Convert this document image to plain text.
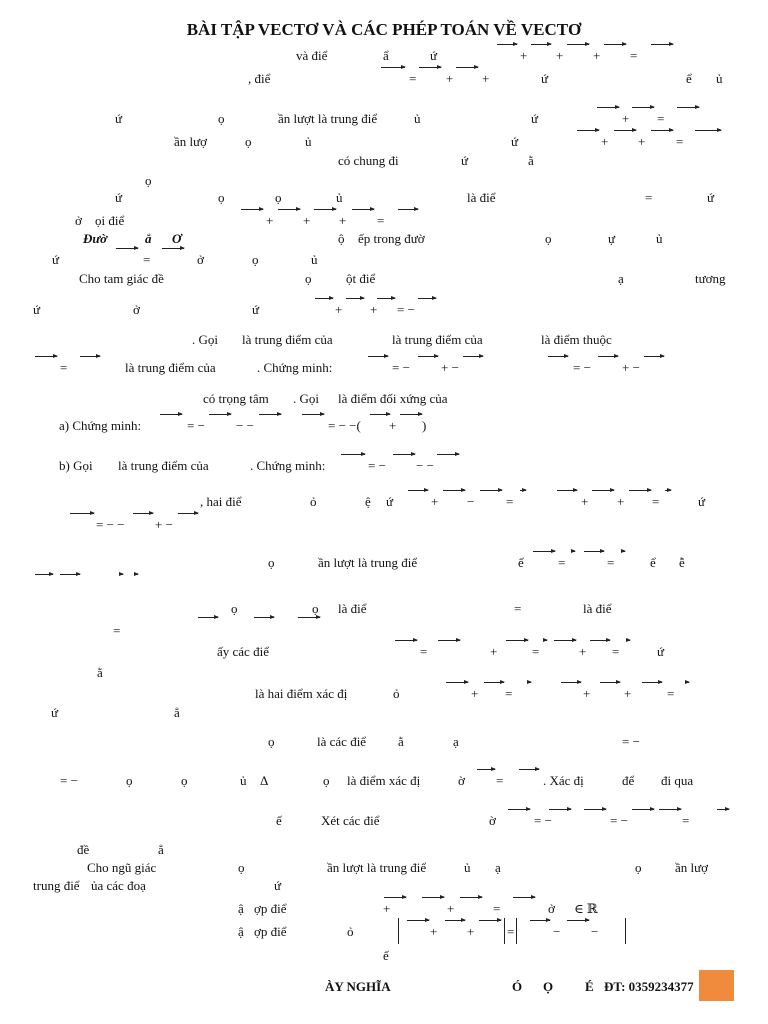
BÀI TẬP VECTƠ VÀ CÁC PHÉP TOÁN VỀ VECTƠ
và điể	ẩ	ứ	+ + + =
, điể	= + +	ứ	ể ủ
ứ	ọ	ần lượt là trung điể	ủ	ứ	+ =
ần lượ	ọ	ủ	ứ	+ + =
có chung đi	ứ	ằ
ọ
ứ	ọ	ọ	ủ	là điể	=	ứ
ở ọi điể	+ + + =
Đườ	ẳ Ơ	ộ ếp trong đườ	ọ	ự	ủ
ứ	=	ở	ọ	ủ
Cho tam giác đề	ọ	ột điể	ạ	tương
ứ	ở	ứ	+ + = −
. Gọi là trung điểm của	là trung điểm của	là điểm thuộc
=	là trung điểm của	. Chứng minh:	= − + −	= − + −
có trọng tâm . Gọi là điểm đối xứng của
a) Chứng minh:	= − − −	= − −( + )
b) Gọi là trung điểm của	. Chứng minh:	= − − −
, hai điể	ỏ	ệ ứ	+ − =	+ + =	ứ
= − − + −
ọ	ần lượt là trung điể	ế	=	=	ể ễ
ọ	ọ là điể	=	là điể
=
ấy các điể	=	+	=	+ =	ứ
ằ
là hai điểm xác đị	ỏ	+ =	+	+	=
ứ	ẳ
ọ	là các điể ằ	ạ	= −
= −	ọ	ọ	ủ Δ	ọ là điểm xác đị	ờ =	. Xác đị	để đi qua
ế	Xét các điể	ờ	= −	= −	=
đề	ẳ
Cho ngũ giác	ọ	ần lượt là trung điể	ủ ạ	ọ	ần lượ
trung điể ủa các đoạ	ứ
ậ ợp điể	+	+	=	ở ∈ ℝ
ậ ợp điể	ỏ	+ +	=	− −
ế
ÀY NGHĨA	Ó Ọ É ĐT: 0359234377
